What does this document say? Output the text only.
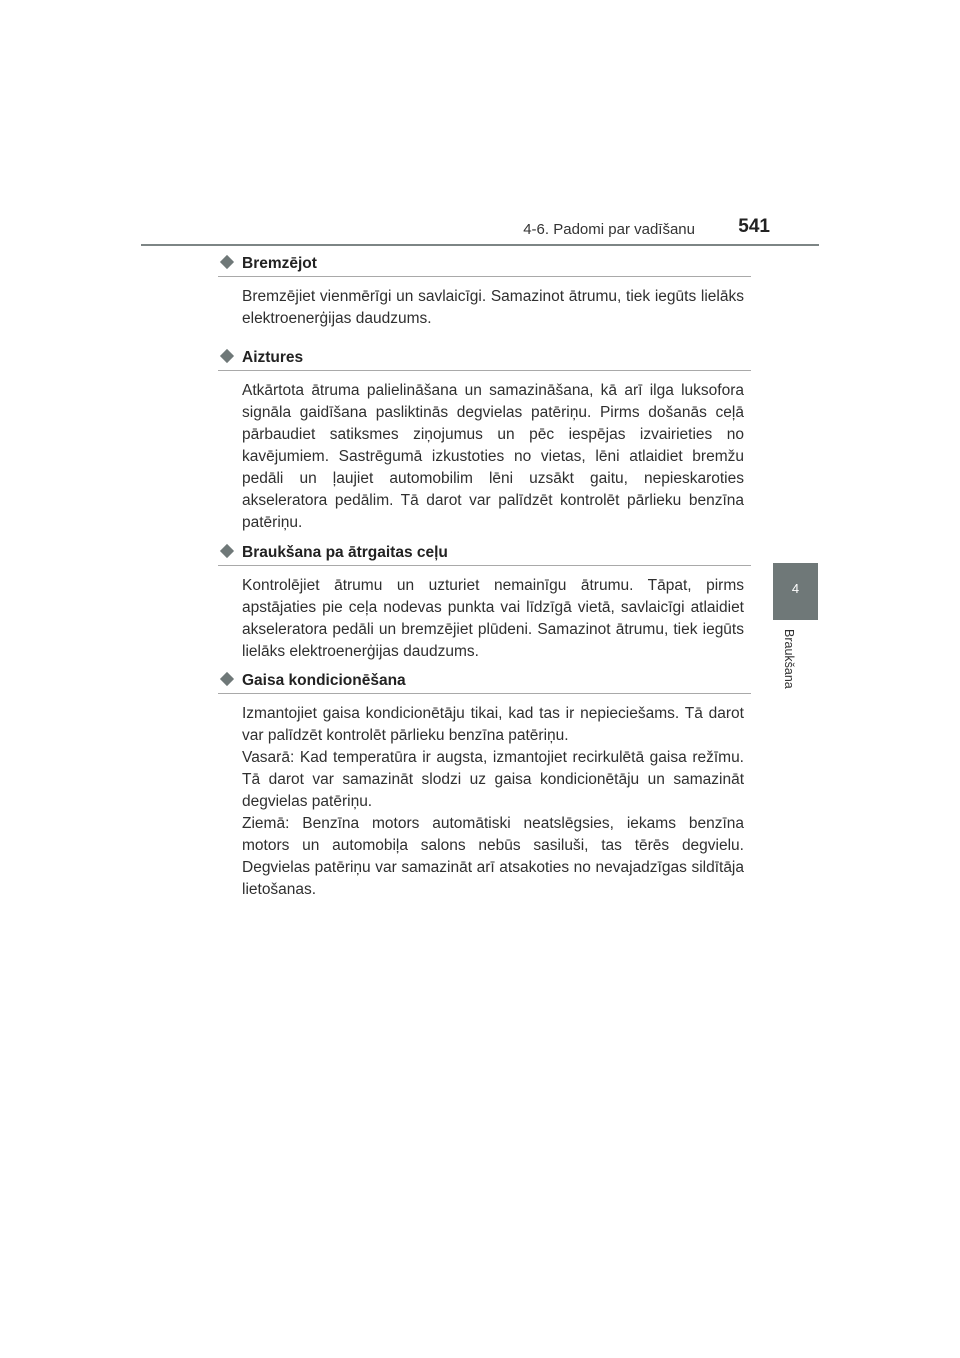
4-6. Padomi par vadīšanu	541
4
Braukšana
Bremzējot

Bremzējiet vienmērīgi un savlaicīgi. Samazinot ātrumu, tiek iegūts lielāks elektroenerģijas daudzums.

Aiztures

Atkārtota ātruma palielināšana un samazināšana, kā arī ilga luksofora signāla gaidīšana pasliktinās degvielas patēriņu. Pirms došanās ceļā pārbaudiet satiksmes ziņojumus un pēc iespējas izvairieties no kavējumiem. Sastrēgumā izkustoties no vietas, lēni atlaidiet bremžu pedāli un ļaujiet automobilim lēni uzsākt gaitu, nepieskaroties akseleratora pedālim. Tā darot var palīdzēt kontrolēt pārlieku benzīna patēriņu.

Braukšana pa ātrgaitas ceļu

Kontrolējiet ātrumu un uzturiet nemainīgu ātrumu. Tāpat, pirms apstājaties pie ceļa nodevas punkta vai līdzīgā vietā, savlaicīgi atlaidiet akseleratora pedāli un bremzējiet plūdeni. Samazinot ātrumu, tiek iegūts lielāks elektroenerģijas daudzums.

Gaisa kondicionēšana

Izmantojiet gaisa kondicionētāju tikai, kad tas ir nepieciešams. Tā darot var palīdzēt kontrolēt pārlieku benzīna patēriņu.

Vasarā: Kad temperatūra ir augsta, izmantojiet recirkulētā gaisa režīmu. Tā darot var samazināt slodzi uz gaisa kondicionētāju un samazināt degvielas patēriņu.

Ziemā: Benzīna motors automātiski neatslēgsies, iekams benzīna motors un automobiļa salons nebūs sasiluši, tas tērēs degvielu. Degvielas patēriņu var samazināt arī atsakoties no nevajadzīgas sildītāja lietošanas.
